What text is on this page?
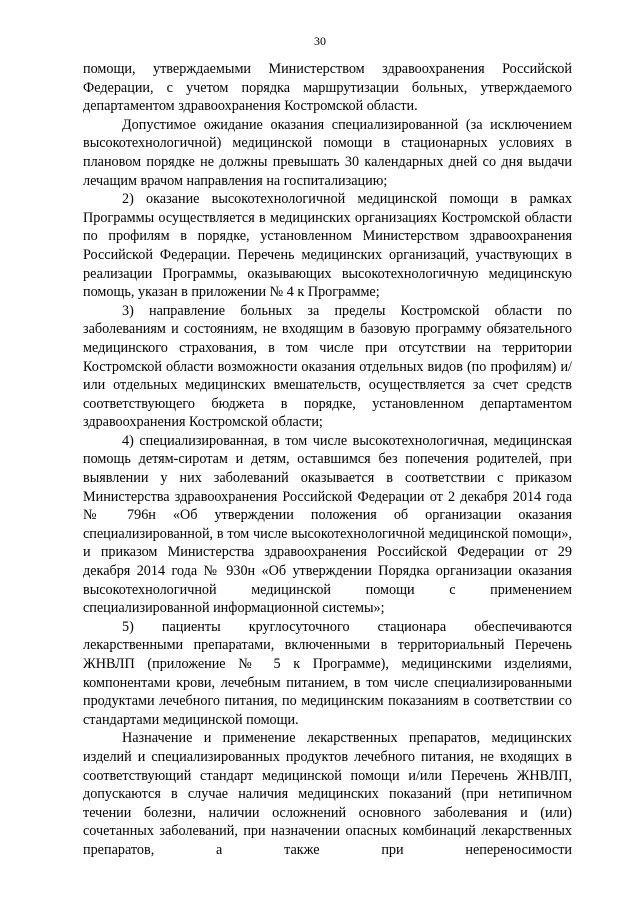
30

помощи, утверждаемыми Министерством здравоохранения Российской Федерации, с учетом порядка маршрутизации больных, утверждаемого департаментом здравоохранения Костромской области.

Допустимое ожидание оказания специализированной (за исключением высокотехнологичной) медицинской помощи в стационарных условиях в плановом порядке не должны превышать 30 календарных дней со дня выдачи лечащим врачом направления на госпитализацию;

2) оказание высокотехнологичной медицинской помощи в рамках Программы осуществляется в медицинских организациях Костромской области по профилям в порядке, установленном Министерством здравоохранения Российской Федерации. Перечень медицинских организаций, участвующих в реализации Программы, оказывающих высокотехнологичную медицинскую помощь, указан в приложении № 4 к Программе;

3) направление больных за пределы Костромской области по заболеваниям и состояниям, не входящим в базовую программу обязательного медицинского страхования, в том числе при отсутствии на территории Костромской области возможности оказания отдельных видов (по профилям) и/или отдельных медицинских вмешательств, осуществляется за счет средств соответствующего бюджета в порядке, установленном департаментом здравоохранения Костромской области;

4) специализированная, в том числе высокотехнологичная, медицинская помощь детям-сиротам и детям, оставшимся без попечения родителей, при выявлении у них заболеваний оказывается в соответствии с приказом Министерства здравоохранения Российской Федерации от 2 декабря 2014 года № 796н «Об утверждении положения об организации оказания специализированной, в том числе высокотехнологичной медицинской помощи», и приказом Министерства здравоохранения Российской Федерации от 29 декабря 2014 года № 930н «Об утверждении Порядка организации оказания высокотехнологичной медицинской помощи с применением специализированной информационной системы»;

5) пациенты круглосуточного стационара обеспечиваются лекарственными препаратами, включенными в территориальный Перечень ЖНВЛП (приложение № 5 к Программе), медицинскими изделиями, компонентами крови, лечебным питанием, в том числе специализированными продуктами лечебного питания, по медицинским показаниям в соответствии со стандартами медицинской помощи.

Назначение и применение лекарственных препаратов, медицинских изделий и специализированных продуктов лечебного питания, не входящих в соответствующий стандарт медицинской помощи и/или Перечень ЖНВЛП, допускаются в случае наличия медицинских показаний (при нетипичном течении болезни, наличии осложнений основного заболевания и (или) сочетанных заболеваний, при назначении опасных комбинаций лекарственных препаратов, а также при непереносимости
